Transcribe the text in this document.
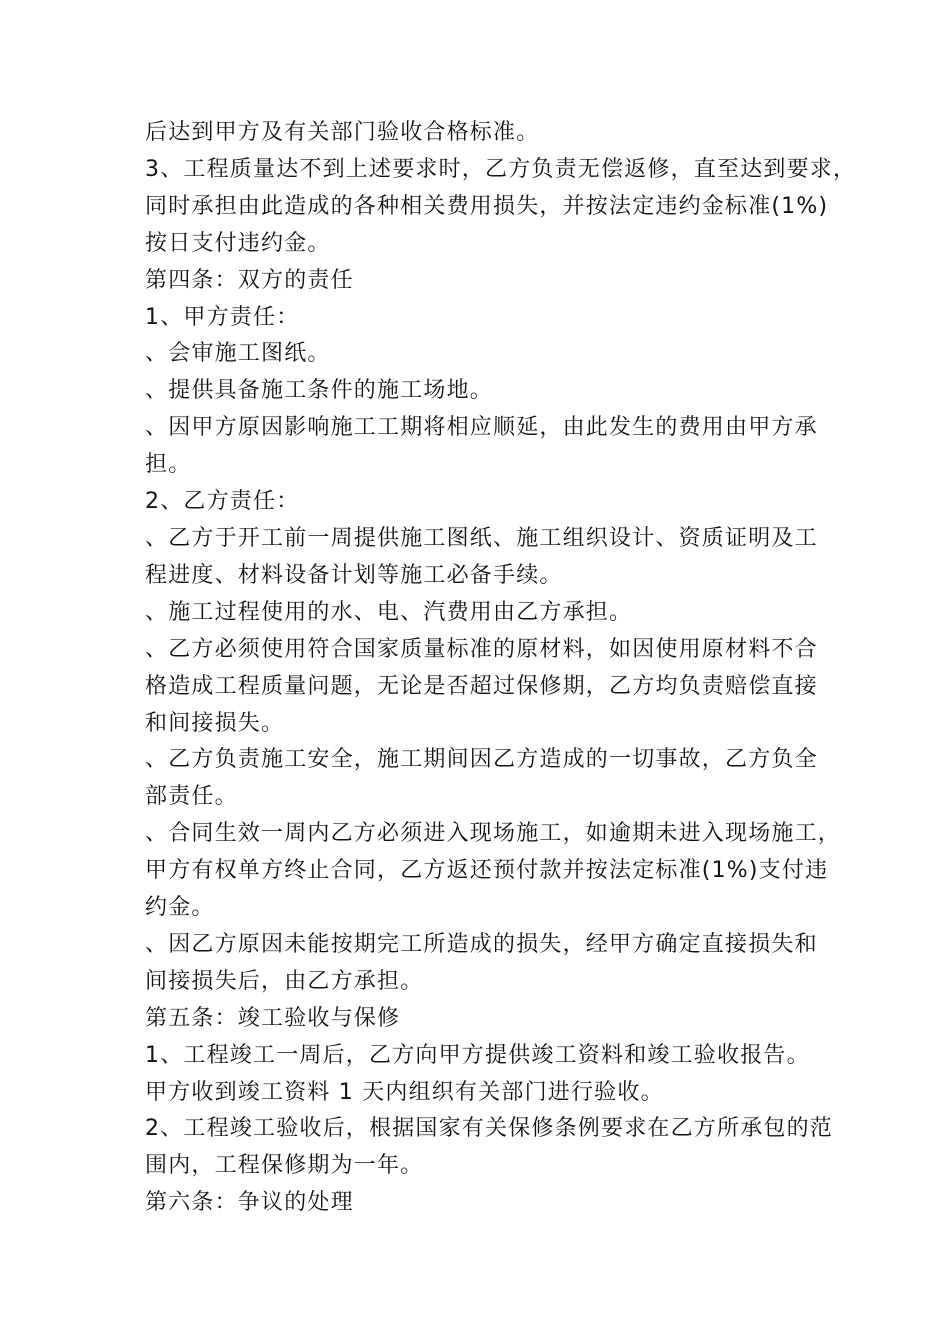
后达到甲方及有关部门验收合格标准。
3、工程质量达不到上述要求时，乙方负责无偿返修，直至达到要求，
同时承担由此造成的各种相关费用损失，并按法定违约金标准(1%)
按日支付违约金。
第四条：双方的责任
1、甲方责任：
、会审施工图纸。
、提供具备施工条件的施工场地。
、因甲方原因影响施工工期将相应顺延，由此发生的费用由甲方承
担。
2、乙方责任：
、乙方于开工前一周提供施工图纸、施工组织设计、资质证明及工
程进度、材料设备计划等施工必备手续。
、施工过程使用的水、电、汽费用由乙方承担。
、乙方必须使用符合国家质量标准的原材料，如因使用原材料不合
格造成工程质量问题，无论是否超过保修期，乙方均负责赔偿直接
和间接损失。
、乙方负责施工安全，施工期间因乙方造成的一切事故，乙方负全
部责任。
、合同生效一周内乙方必须进入现场施工，如逾期未进入现场施工，
甲方有权单方终止合同，乙方返还预付款并按法定标准(1%)支付违
约金。
、因乙方原因未能按期完工所造成的损失，经甲方确定直接损失和
间接损失后，由乙方承担。
第五条：竣工验收与保修
1、工程竣工一周后，乙方向甲方提供竣工资料和竣工验收报告。
甲方收到竣工资料 1 天内组织有关部门进行验收。
2、工程竣工验收后，根据国家有关保修条例要求在乙方所承包的范
围内，工程保修期为一年。
第六条：争议的处理
